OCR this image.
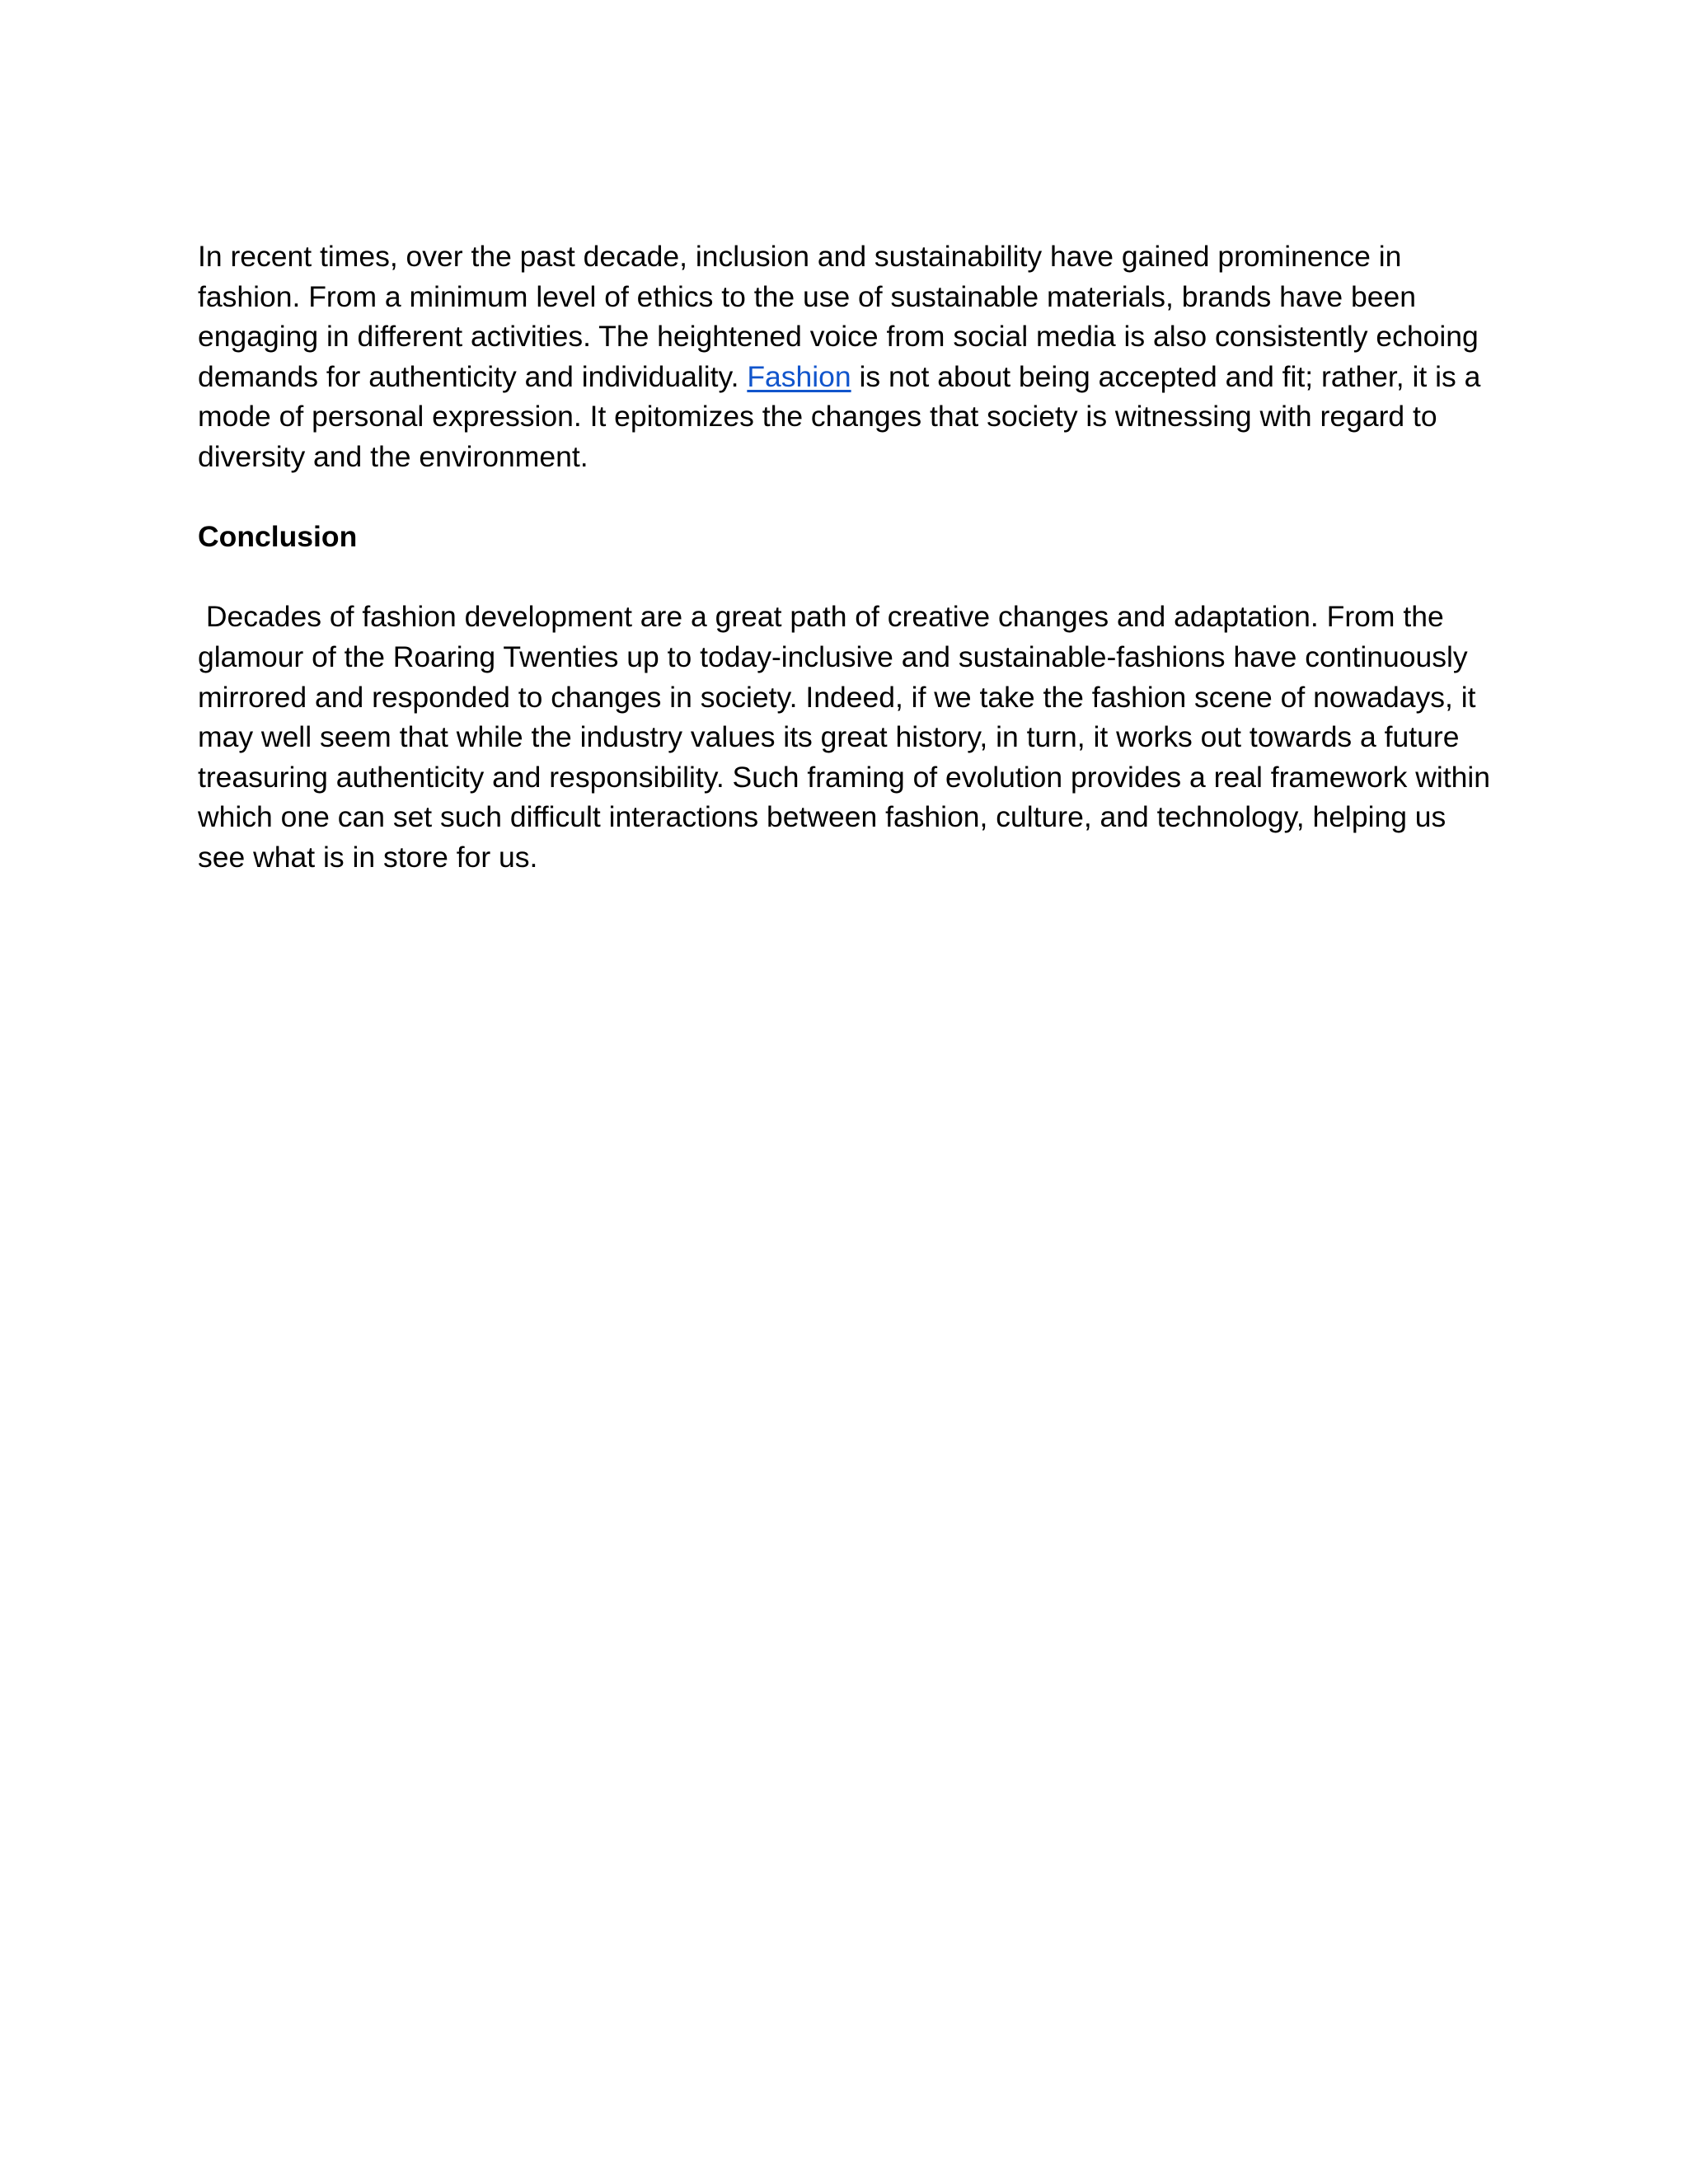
In recent times, over the past decade, inclusion and sustainability have gained prominence in fashion. From a minimum level of ethics to the use of sustainable materials, brands have been engaging in different activities. The heightened voice from social media is also consistently echoing demands for authenticity and individuality. Fashion is not about being accepted and fit; rather, it is a mode of personal expression. It epitomizes the changes that society is witnessing with regard to diversity and the environment.

Conclusion

Decades of fashion development are a great path of creative changes and adaptation. From the glamour of the Roaring Twenties up to today-inclusive and sustainable-fashions have continuously mirrored and responded to changes in society. Indeed, if we take the fashion scene of nowadays, it may well seem that while the industry values its great history, in turn, it works out towards a future treasuring authenticity and responsibility. Such framing of evolution provides a real framework within which one can set such difficult interactions between fashion, culture, and technology, helping us see what is in store for us.
